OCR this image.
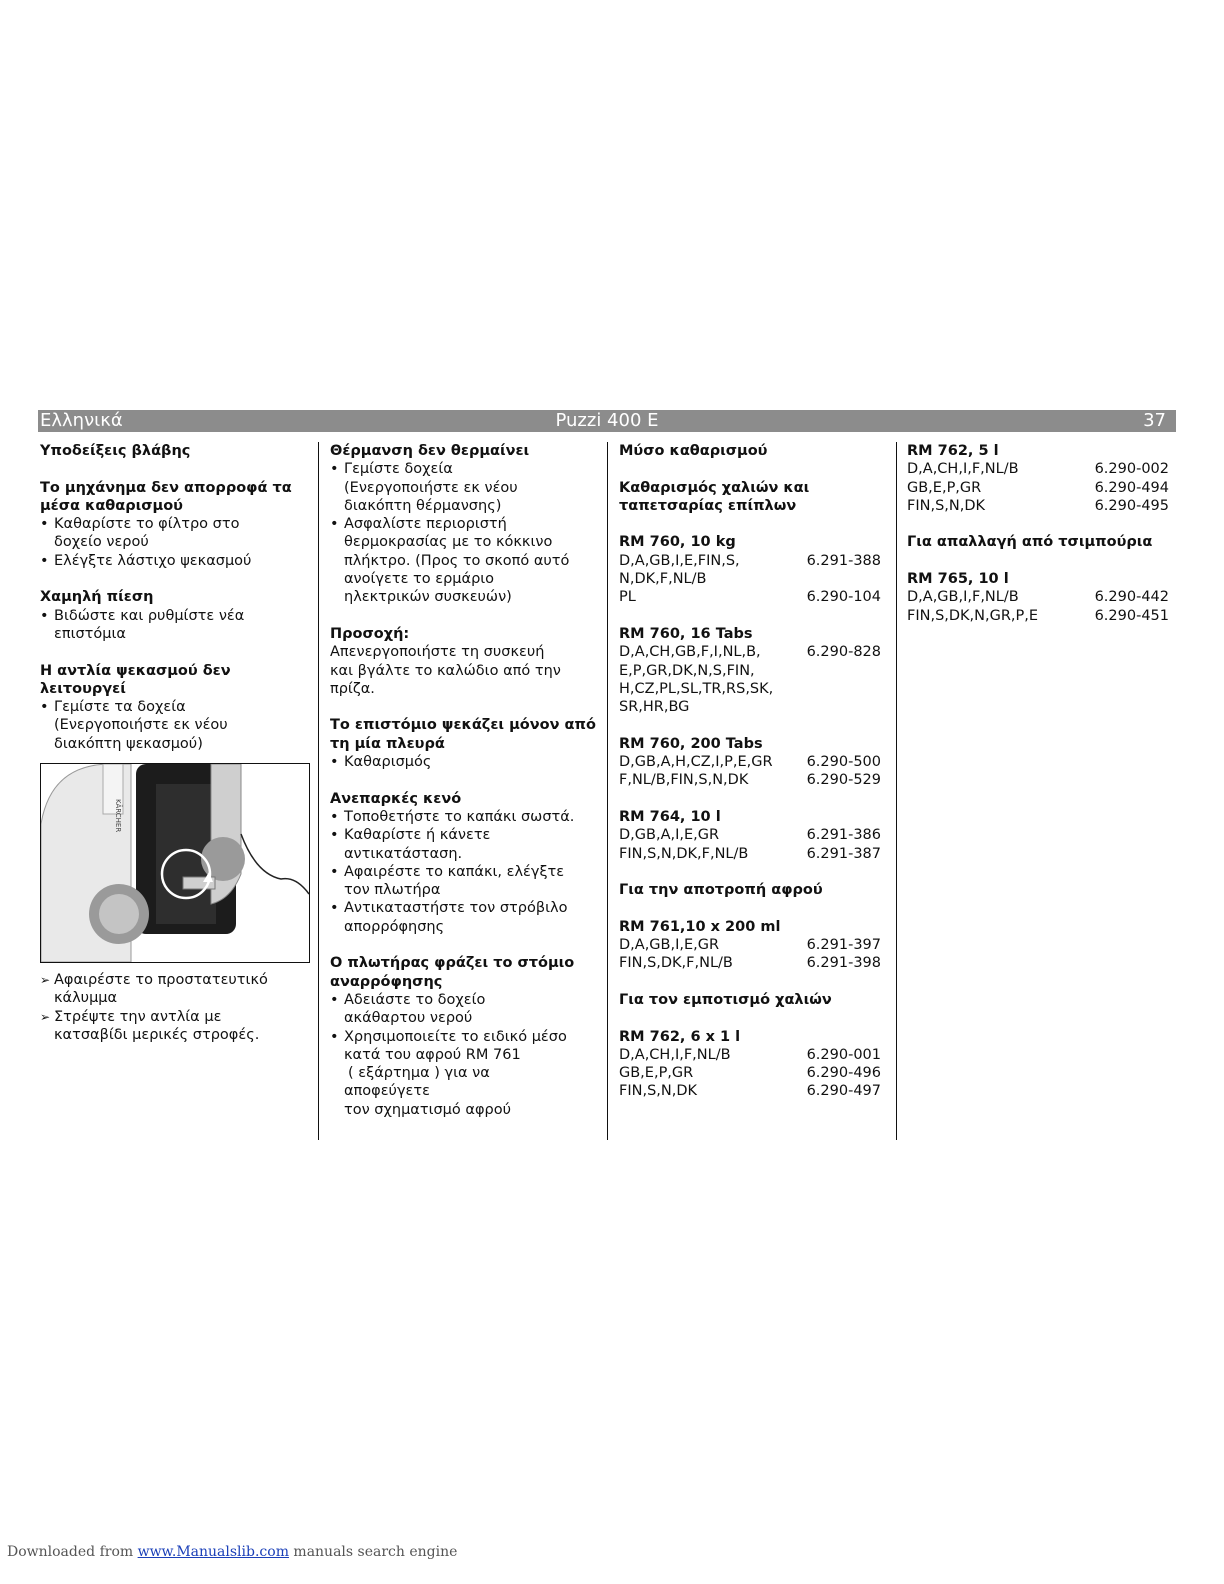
Ελληνικά	Puzzi 400 E	37
Υποδείξεις βλάβης
Το μηχάνημα δεν απορροφά τα
μέσα καθαρισμού
• Καθαρίστε το φίλτρο στο
δοχείο νερού
• Ελέγξτε λάστιχο ψεκασμού
Χαμηλή πίεση
• Βιδώστε και ρυθμίστε νέα
επιστόμια
Η αντλία ψεκασμού δεν
λειτουργεί
• Γεμίστε τα δοχεία
(Ενεργοποιήστε εκ νέου
διακόπτη ψεκασμού)
KÄRCHER
➢ Αφαιρέστε το προστατευτικό
κάλυμμα
➢ Στρέψτε την αντλία με
κατσαβίδι μερικές στροφές.
Θέρμανση δεν θερμαίνει
• Γεμίστε δοχεία
(Ενεργοποιήστε εκ νέου
διακόπτη θέρμανσης)
• Ασφαλίστε περιοριστή
θερμοκρασίας με το κόκκινο
πλήκτρο. (Προς το σκοπό αυτό
ανοίγετε το ερμάριο
ηλεκτρικών συσκευών)
Προσοχή:
Απενεργοποιήστε τη συσκευή
και βγάλτε το καλώδιο από την
πρίζα.
Το επιστόμιο ψεκάζει μόνον από
τη μία πλευρά
• Καθαρισμός
Ανεπαρκές κενό
• Τοποθετήστε το καπάκι σωστά.
• Καθαρίστε ή κάνετε
αντικατάσταση.
• Αφαιρέστε το καπάκι, ελέγξτε
τον πλωτήρα
• Αντικαταστήστε τον στρόβιλο
απορρόφησης
Ο πλωτήρας φράζει το στόμιο
αναρρόφησης
• Αδειάστε το δοχείο
ακάθαρτου νερού
• Χρησιμοποιείτε το ειδικό μέσο
κατά του αφρού RM 761
( εξάρτημα ) για να
αποφεύγετε
τον σχηματισμό αφρού
Μύσο καθαρισμού
Καθαρισμός χαλιών και
ταπετσαρίας επίπλων
RM 760, 10 kg
D,A,GB,I,E,FIN,S,	6.291-388
N,DK,F,NL/B
PL	6.290-104
RM 760, 16 Tabs
D,A,CH,GB,F,I,NL,B,	6.290-828
E,P,GR,DK,N,S,FIN,
H,CZ,PL,SL,TR,RS,SK,
SR,HR,BG
RM 760, 200 Tabs
D,GB,A,H,CZ,I,P,E,GR	6.290-500
F,NL/B,FIN,S,N,DK	6.290-529
RM 764, 10 l
D,GB,A,I,E,GR	6.291-386
FIN,S,N,DK,F,NL/B	6.291-387
Για την αποτροπή αφρού
RM 761,10 x 200 ml
D,A,GB,I,E,GR	6.291-397
FIN,S,DK,F,NL/B	6.291-398
Για τον εμποτισμό χαλιών
RM 762, 6 x 1 l
D,A,CH,I,F,NL/B	6.290-001
GB,E,P,GR	6.290-496
FIN,S,N,DK	6.290-497
RM 762, 5 l
D,A,CH,I,F,NL/B	6.290-002
GB,E,P,GR	6.290-494
FIN,S,N,DK	6.290-495
Για απαλλαγή από τσιμπούρια
RM 765, 10 l
D,A,GB,I,F,NL/B	6.290-442
FIN,S,DK,N,GR,P,E	6.290-451
Downloaded from www.Manualslib.com manuals search engine
